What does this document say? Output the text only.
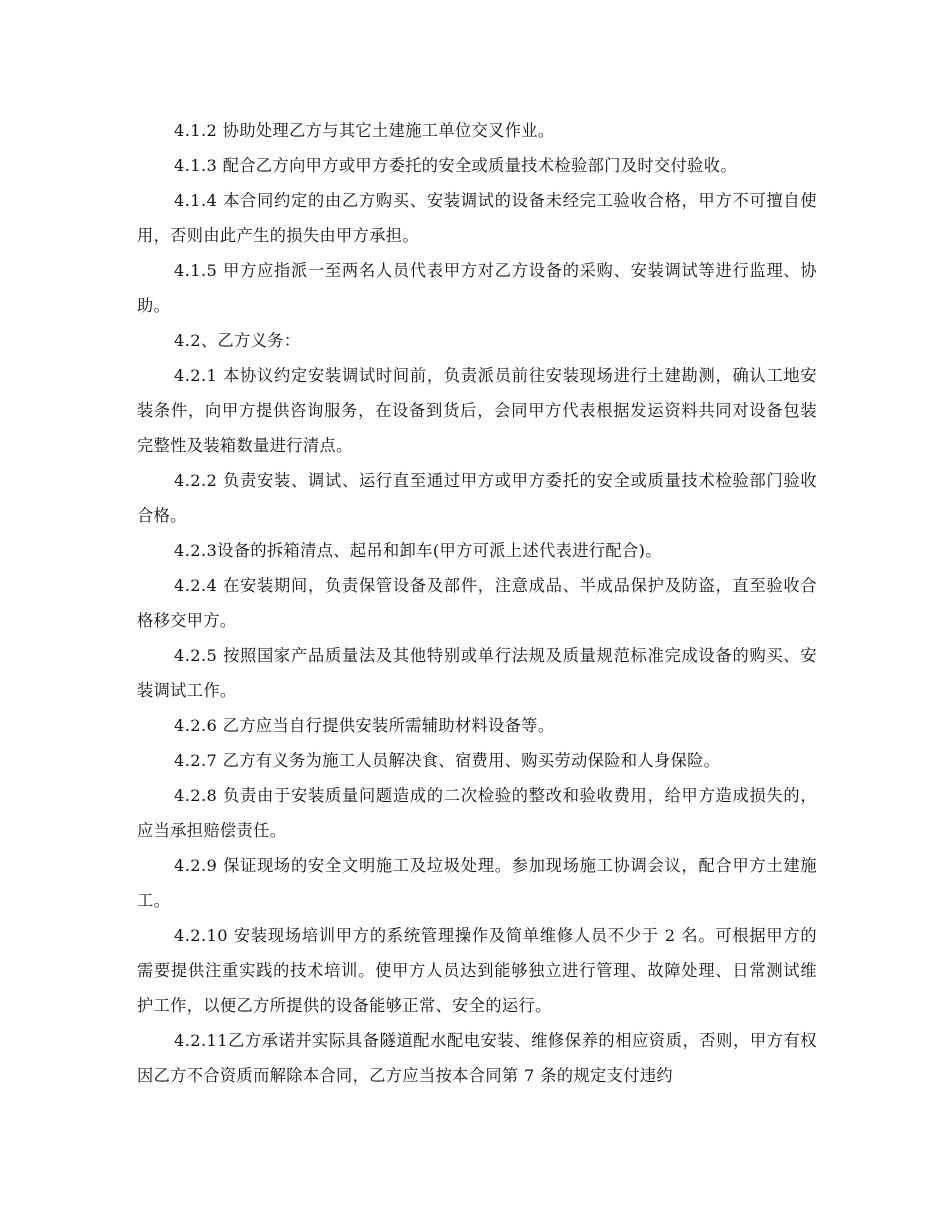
4.1.2 协助处理乙方与其它土建施工单位交叉作业。

4.1.3 配合乙方向甲方或甲方委托的安全或质量技术检验部门及时交付验收。

4.1.4 本合同约定的由乙方购买、安装调试的设备未经完工验收合格，甲方不可擅自使用，否则由此产生的损失由甲方承担。

4.1.5 甲方应指派一至两名人员代表甲方对乙方设备的采购、安装调试等进行监理、协助。

4.2、乙方义务：

4.2.1 本协议约定安装调试时间前，负责派员前往安装现场进行土建勘测，确认工地安装条件，向甲方提供咨询服务，在设备到货后，会同甲方代表根据发运资料共同对设备包装完整性及装箱数量进行清点。

4.2.2 负责安装、调试、运行直至通过甲方或甲方委托的安全或质量技术检验部门验收合格。

4.2.3设备的拆箱清点、起吊和卸车(甲方可派上述代表进行配合)。

4.2.4 在安装期间，负责保管设备及部件，注意成品、半成品保护及防盗，直至验收合格移交甲方。

4.2.5 按照国家产品质量法及其他特别或单行法规及质量规范标准完成设备的购买、安装调试工作。

4.2.6 乙方应当自行提供安装所需辅助材料设备等。

4.2.7 乙方有义务为施工人员解决食、宿费用、购买劳动保险和人身保险。

4.2.8 负责由于安装质量问题造成的二次检验的整改和验收费用，给甲方造成损失的，应当承担赔偿责任。

4.2.9 保证现场的安全文明施工及垃圾处理。参加现场施工协调会议，配合甲方土建施工。

4.2.10 安装现场培训甲方的系统管理操作及简单维修人员不少于 2 名。可根据甲方的需要提供注重实践的技术培训。使甲方人员达到能够独立进行管理、故障处理、日常测试维护工作，以便乙方所提供的设备能够正常、安全的运行。

4.2.11乙方承诺并实际具备隧道配水配电安装、维修保养的相应资质，否则，甲方有权因乙方不合资质而解除本合同，乙方应当按本合同第 7 条的规定支付违约
